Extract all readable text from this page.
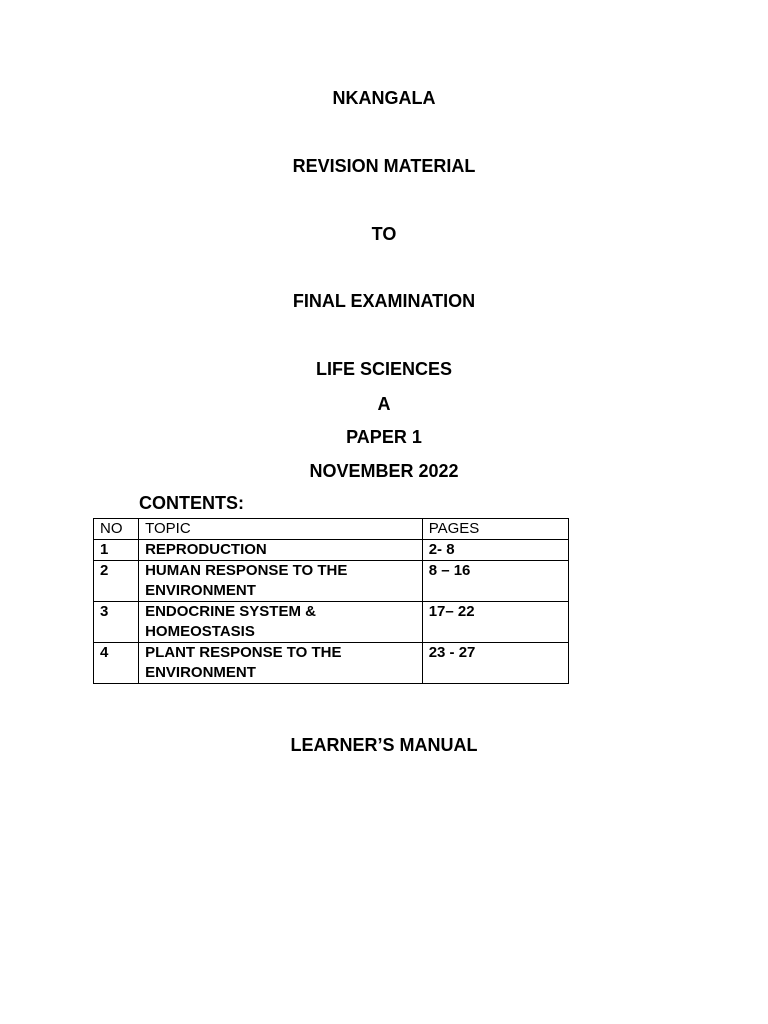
NKANGALA
REVISION MATERIAL
TO
FINAL EXAMINATION
LIFE SCIENCES
A
PAPER 1
NOVEMBER 2022
CONTENTS:
NO	TOPIC	PAGES
1	REPRODUCTION	2- 8
2	HUMAN RESPONSE TO THE ENVIRONMENT	8 – 16
3	ENDOCRINE SYSTEM & HOMEOSTASIS	17– 22
4	PLANT RESPONSE TO THE ENVIRONMENT	23 - 27
LEARNER’S MANUAL
